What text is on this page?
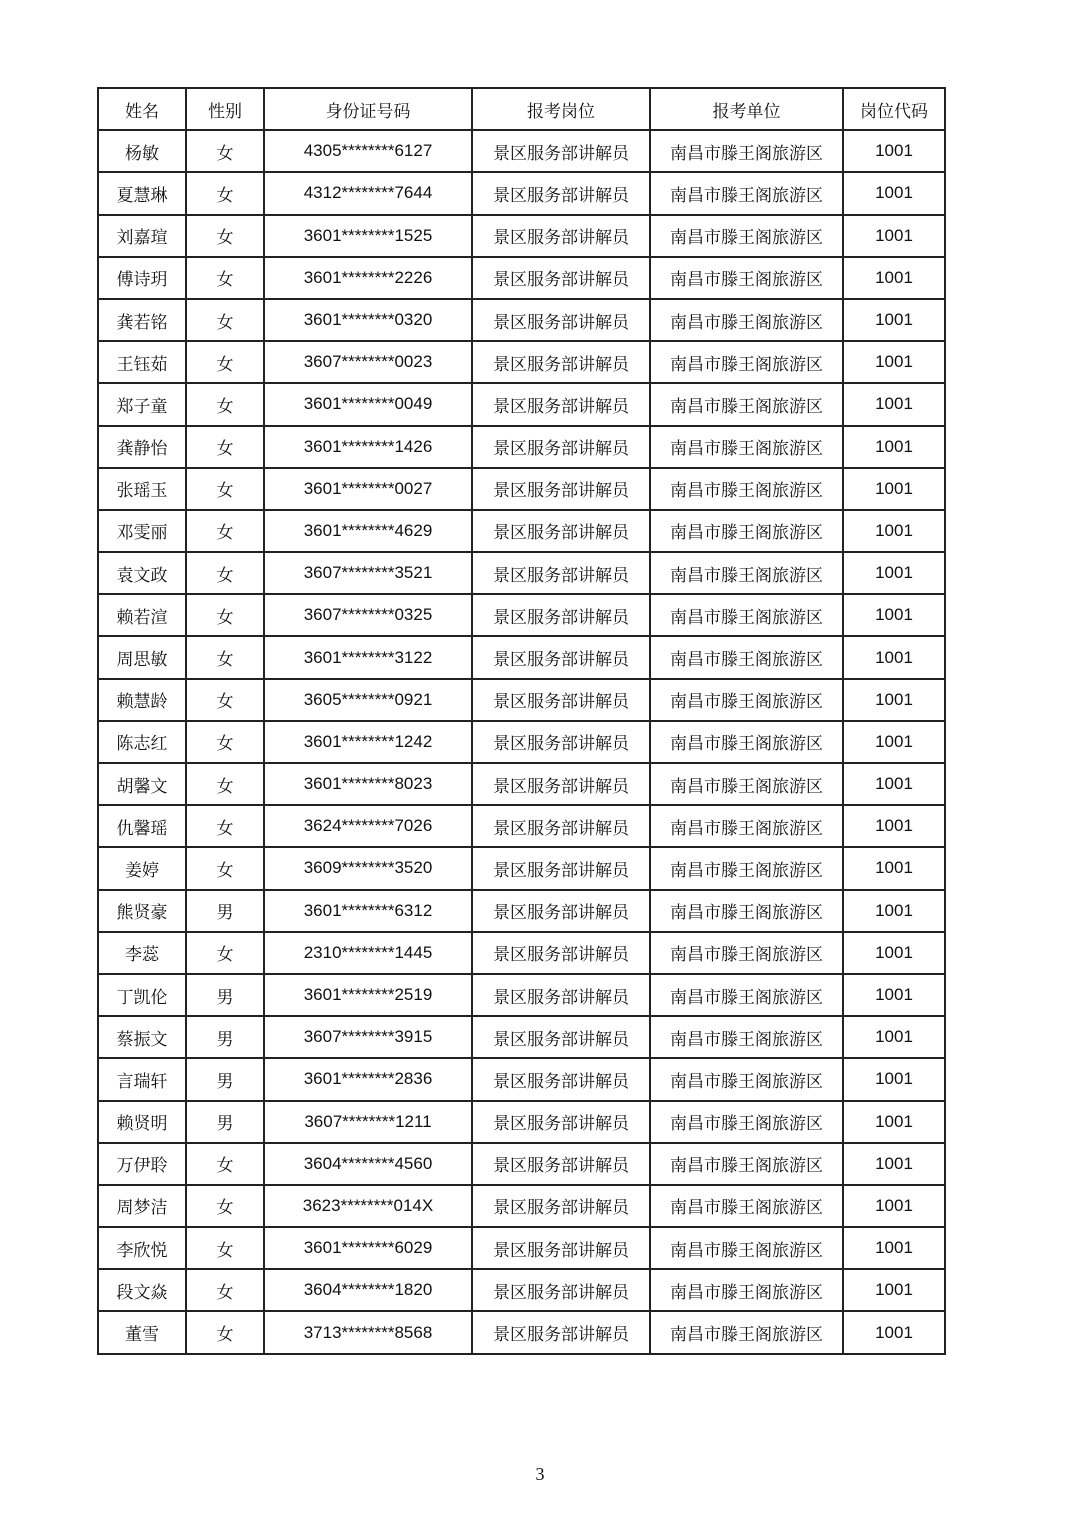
姓名	性别	身份证号码	报考岗位	报考单位	岗位代码
杨敏	女	4305********6127	景区服务部讲解员	南昌市滕王阁旅游区	1001
夏慧琳	女	4312********7644	景区服务部讲解员	南昌市滕王阁旅游区	1001
刘嘉瑄	女	3601********1525	景区服务部讲解员	南昌市滕王阁旅游区	1001
傅诗玥	女	3601********2226	景区服务部讲解员	南昌市滕王阁旅游区	1001
龚若铭	女	3601********0320	景区服务部讲解员	南昌市滕王阁旅游区	1001
王钰茹	女	3607********0023	景区服务部讲解员	南昌市滕王阁旅游区	1001
郑子童	女	3601********0049	景区服务部讲解员	南昌市滕王阁旅游区	1001
龚静怡	女	3601********1426	景区服务部讲解员	南昌市滕王阁旅游区	1001
张瑶玉	女	3601********0027	景区服务部讲解员	南昌市滕王阁旅游区	1001
邓雯丽	女	3601********4629	景区服务部讲解员	南昌市滕王阁旅游区	1001
袁文政	女	3607********3521	景区服务部讲解员	南昌市滕王阁旅游区	1001
赖若渲	女	3607********0325	景区服务部讲解员	南昌市滕王阁旅游区	1001
周思敏	女	3601********3122	景区服务部讲解员	南昌市滕王阁旅游区	1001
赖慧龄	女	3605********0921	景区服务部讲解员	南昌市滕王阁旅游区	1001
陈志红	女	3601********1242	景区服务部讲解员	南昌市滕王阁旅游区	1001
胡馨文	女	3601********8023	景区服务部讲解员	南昌市滕王阁旅游区	1001
仇馨瑶	女	3624********7026	景区服务部讲解员	南昌市滕王阁旅游区	1001
姜婷	女	3609********3520	景区服务部讲解员	南昌市滕王阁旅游区	1001
熊贤豪	男	3601********6312	景区服务部讲解员	南昌市滕王阁旅游区	1001
李蕊	女	2310********1445	景区服务部讲解员	南昌市滕王阁旅游区	1001
丁凯伦	男	3601********2519	景区服务部讲解员	南昌市滕王阁旅游区	1001
蔡振文	男	3607********3915	景区服务部讲解员	南昌市滕王阁旅游区	1001
言瑞轩	男	3601********2836	景区服务部讲解员	南昌市滕王阁旅游区	1001
赖贤明	男	3607********1211	景区服务部讲解员	南昌市滕王阁旅游区	1001
万伊聆	女	3604********4560	景区服务部讲解员	南昌市滕王阁旅游区	1001
周梦洁	女	3623********014X	景区服务部讲解员	南昌市滕王阁旅游区	1001
李欣悦	女	3601********6029	景区服务部讲解员	南昌市滕王阁旅游区	1001
段文焱	女	3604********1820	景区服务部讲解员	南昌市滕王阁旅游区	1001
董雪	女	3713********8568	景区服务部讲解员	南昌市滕王阁旅游区	1001
3
